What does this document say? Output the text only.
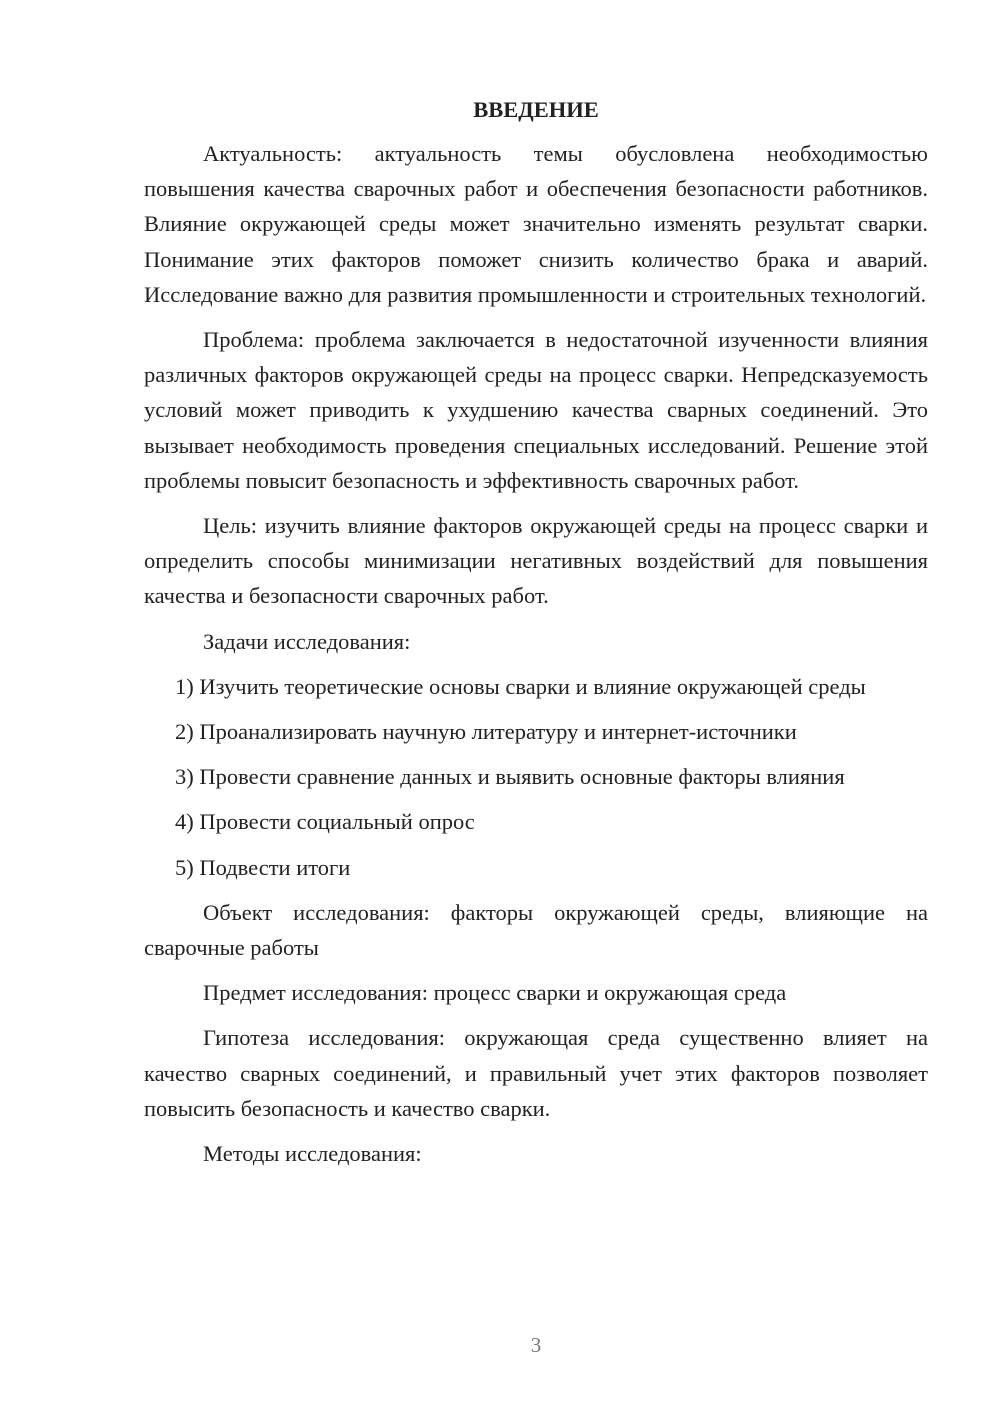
ВВЕДЕНИЕ

Актуальность: актуальность темы обусловлена необходимостью повышения качества сварочных работ и обеспечения безопасности работников. Влияние окружающей среды может значительно изменять результат сварки. Понимание этих факторов поможет снизить количество брака и аварий. Исследование важно для развития промышленности и строительных технологий.

Проблема: проблема заключается в недостаточной изученности влияния различных факторов окружающей среды на процесс сварки. Непредсказуемость условий может приводить к ухудшению качества сварных соединений. Это вызывает необходимость проведения специальных исследований. Решение этой проблемы повысит безопасность и эффективность сварочных работ.

Цель: изучить влияние факторов окружающей среды на процесс сварки и определить способы минимизации негативных воздействий для повышения качества и безопасности сварочных работ.

Задачи исследования:

1) Изучить теоретические основы сварки и влияние окружающей среды

2) Проанализировать научную литературу и интернет-источники

3) Провести сравнение данных и выявить основные факторы влияния

4) Провести социальный опрос

5) Подвести итоги

Объект исследования: факторы окружающей среды, влияющие на сварочные работы

Предмет исследования: процесс сварки и окружающая среда

Гипотеза исследования: окружающая среда существенно влияет на качество сварных соединений, и правильный учет этих факторов позволяет повысить безопасность и качество сварки.

Методы исследования:

3
